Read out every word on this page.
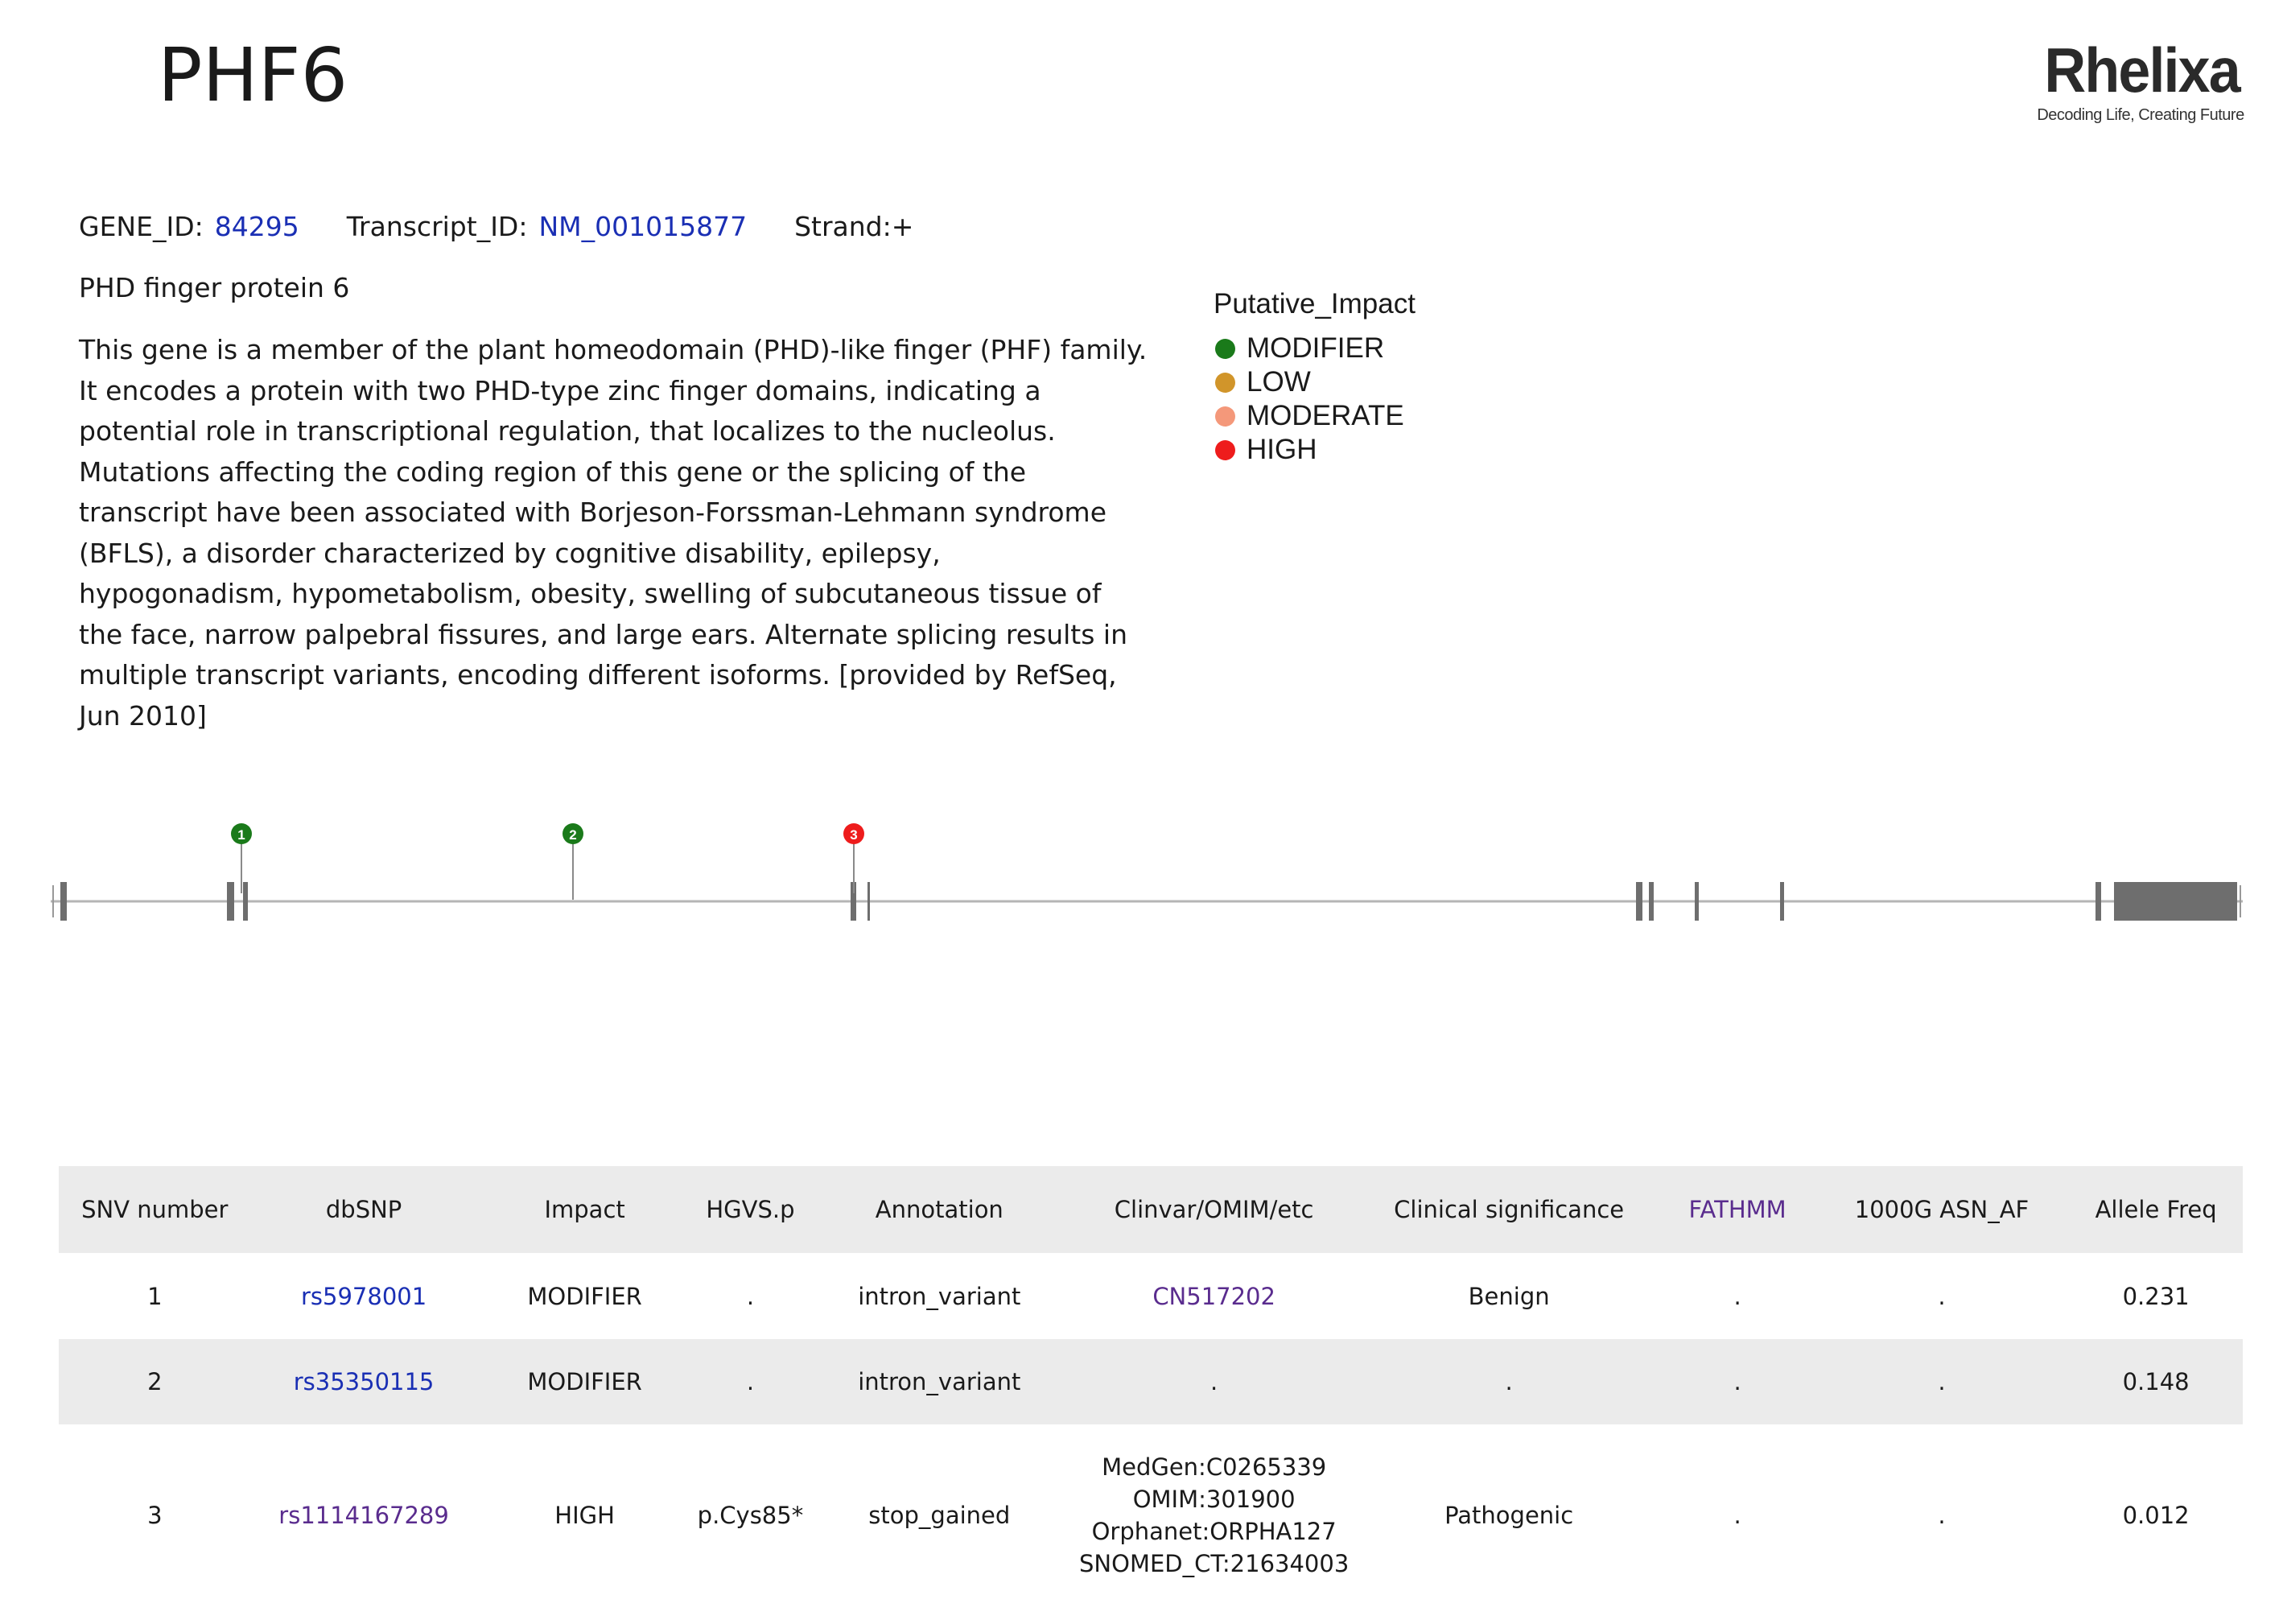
PHF6	Rhelixa
Decoding Life, Creating Future
GENE_ID: 84295 Transcript_ID: NM_001015877 Strand:+
PHD finger protein 6

This gene is a member of the plant homeodomain (PHD)-like finger (PHF) family. It encodes a protein with two PHD-type zinc finger domains, indicating a potential role in transcriptional regulation, that localizes to the nucleolus. Mutations affecting the coding region of this gene or the splicing of the transcript have been associated with Borjeson-Forssman-Lehmann syndrome (BFLS), a disorder characterized by cognitive disability, epilepsy, hypogonadism, hypometabolism, obesity, swelling of subcutaneous tissue of the face, narrow palpebral fissures, and large ears. Alternate splicing results in multiple transcript variants, encoding different isoforms. [provided by RefSeq, Jun 2010]

Putative_Impact
MODIFIER
LOW
MODERATE
HIGH
1	2	3
SNV number	dbSNP	Impact	HGVS.p	Annotation	Clinvar/OMIM/etc	Clinical significance	FATHMM	1000G ASN_AF	Allele Freq
1	rs5978001	MODIFIER	.	intron_variant	CN517202	Benign	.	.	0.231
2	rs35350115	MODIFIER	.	intron_variant	.	.	.	.	0.148
3	rs1114167289	HIGH	p.Cys85*	stop_gained	MedGen:C0265339
OMIM:301900
Orphanet:ORPHA127
SNOMED_CT:21634003	Pathogenic	.	.	0.012
